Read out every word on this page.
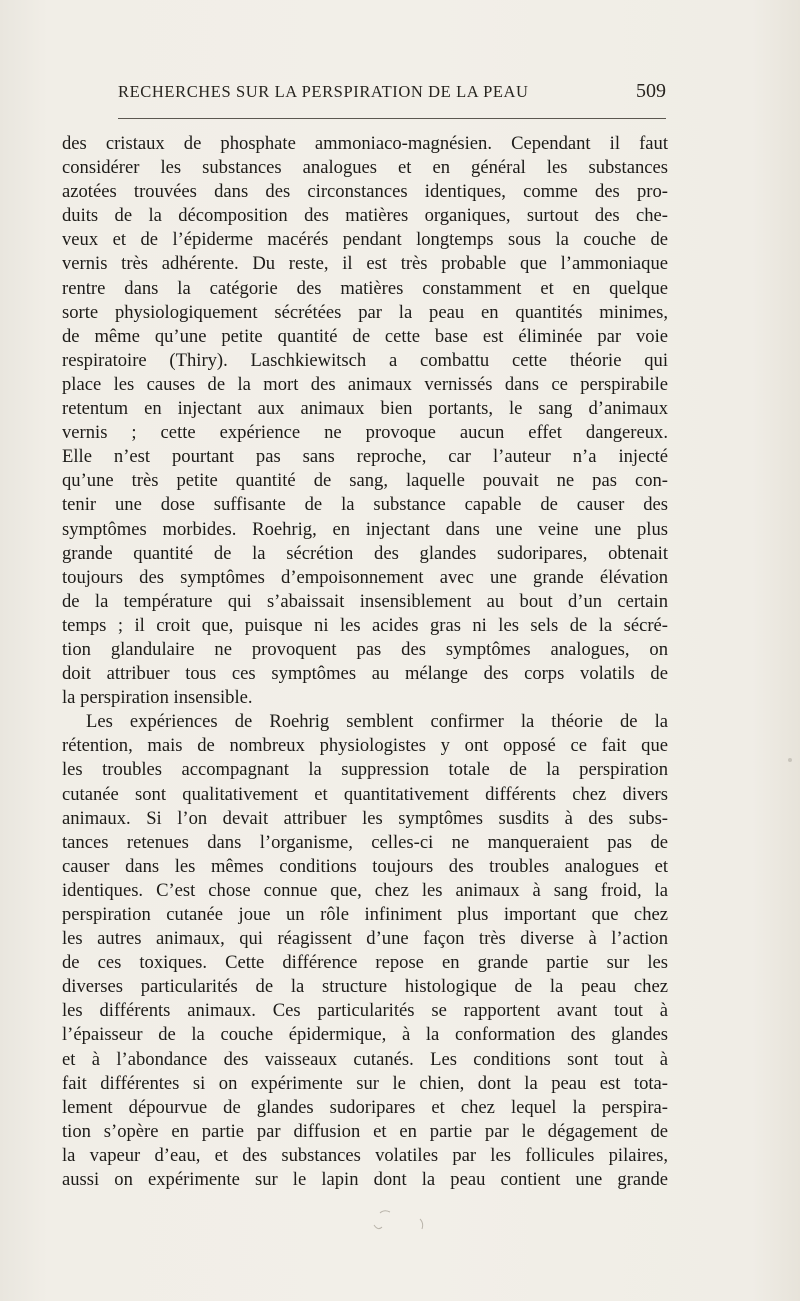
RECHERCHES SUR LA PERSPIRATION DE LA PEAU	509
des cristaux de phosphate ammoniaco-magnésien. Cependant il faut
considérer les substances analogues et en général les substances
azotées trouvées dans des circonstances identiques, comme des pro-
duits de la décomposition des matières organiques, surtout des che-
veux et de l’épiderme macérés pendant longtemps sous la couche de
vernis très adhérente. Du reste, il est très probable que l’ammoniaque
rentre dans la catégorie des matières constamment et en quelque
sorte physiologiquement sécrétées par la peau en quantités minimes,
de même qu’une petite quantité de cette base est éliminée par voie
respiratoire (Thiry). Laschkiewitsch a combattu cette théorie qui
place les causes de la mort des animaux vernissés dans ce perspirabile
retentum en injectant aux animaux bien portants, le sang d’animaux
vernis ; cette expérience ne provoque aucun effet dangereux.
Elle n’est pourtant pas sans reproche, car l’auteur n’a injecté
qu’une très petite quantité de sang, laquelle pouvait ne pas con-
tenir une dose suffisante de la substance capable de causer des
symptômes morbides. Roehrig, en injectant dans une veine une plus
grande quantité de la sécrétion des glandes sudoripares, obtenait
toujours des symptômes d’empoisonnement avec une grande élévation
de la température qui s’abaissait insensiblement au bout d’un certain
temps ; il croit que, puisque ni les acides gras ni les sels de la sécré-
tion glandulaire ne provoquent pas des symptômes analogues, on
doit attribuer tous ces symptômes au mélange des corps volatils de
la perspiration insensible.
Les expériences de Roehrig semblent confirmer la théorie de la
rétention, mais de nombreux physiologistes y ont opposé ce fait que
les troubles accompagnant la suppression totale de la perspiration
cutanée sont qualitativement et quantitativement différents chez divers
animaux. Si l’on devait attribuer les symptômes susdits à des subs-
tances retenues dans l’organisme, celles-ci ne manqueraient pas de
causer dans les mêmes conditions toujours des troubles analogues et
identiques. C’est chose connue que, chez les animaux à sang froid, la
perspiration cutanée joue un rôle infiniment plus important que chez
les autres animaux, qui réagissent d’une façon très diverse à l’action
de ces toxiques. Cette différence repose en grande partie sur les
diverses particularités de la structure histologique de la peau chez
les différents animaux. Ces particularités se rapportent avant tout à
l’épaisseur de la couche épidermique, à la conformation des glandes
et à l’abondance des vaisseaux cutanés. Les conditions sont tout à
fait différentes si on expérimente sur le chien, dont la peau est tota-
lement dépourvue de glandes sudoripares et chez lequel la perspira-
tion s’opère en partie par diffusion et en partie par le dégagement de
la vapeur d’eau, et des substances volatiles par les follicules pilaires,
aussi on expérimente sur le lapin dont la peau contient une grande
